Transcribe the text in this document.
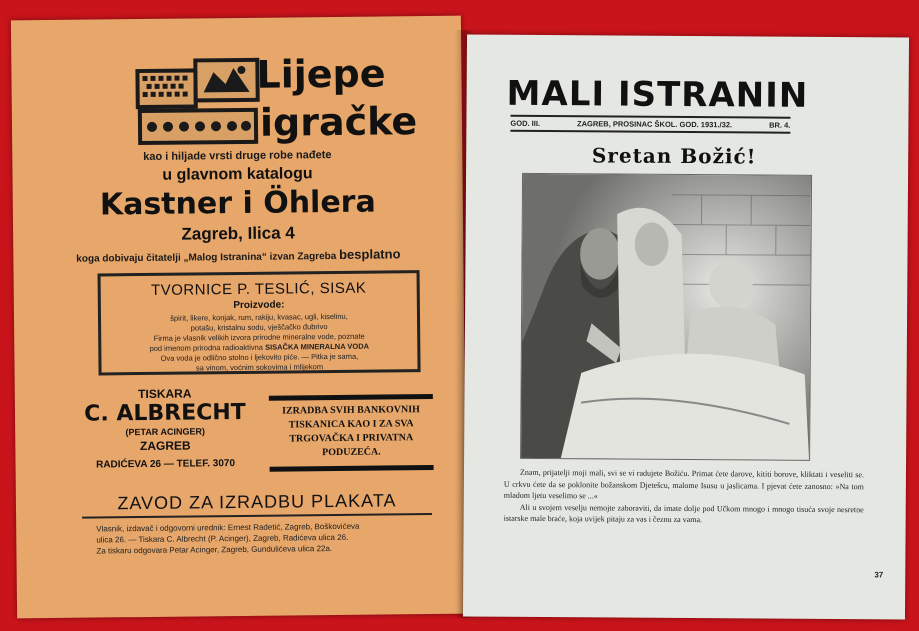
Lijepe
igračke
kao i hiljade vrsti druge robe nađete
u glavnom katalogu
Kastner i Öhlera
Zagreb, Ilica 4
koga dobivaju čitatelji „Malog Istranina“ izvan Zagreba besplatno
TVORNICE P. TESLIĆ, SISAK
Proizvode:
špirit, likere, konjak, rum, rakiju, kvasac, ugli, kiselinu,
potašu, kristalnu sodu, vješčačko đubrivo
Firma je vlasnik velikih izvora prirodne mineralne vode, poznate
pod imenom prirodna radioaktivna SISAČKA MINERALNA VODA
Ova voda je odlično stolno i ljekovito piće. — Pitka je sama,
sa vinom, voćnim sokovima i mlijekom
TISKARA
C. ALBRECHT
(PETAR ACINGER)
ZAGREB
RADIĆEVA 26 — TELEF. 3070
IZRADBA SVIH BANKOVNIH
TISKANICA KAO I ZA SVA
TRGOVAČKA I PRIVATNA
PODUZEĆA.
ZAVOD ZA IZRADBU PLAKATA
Vlasnik, izdavač i odgovorni urednik: Ernest Radetić, Zagreb, Boškovićeva
ulica 26. — Tiskara C. Albrecht (P. Acinger), Zagreb, Radićeva ulica 26.
Za tiskaru odgovara Petar Acinger, Zagreb, Gundulićeva ulica 22a.
MALI ISTRANIN
GOD. III.	ZAGREB, PROSINAC ŠKOL. GOD. 1931./32.	BR. 4.
Sretan Božić!

Znam, prijatelji moji mali, svi se vi radujete Božiću. Primat ćete darove, kititi borove, kliktati i veseliti se. U crkvu ćete da se poklonite božanskom Djetešcu, malome Isusu u jaslicama. I pjevat ćete zanosno: »Na tom mladom ljetu veselimo se ...«

Ali u svojem veselju nemojte zaboraviti, da imate dolje pod Učkom mnogo i mnogo tisuća svoje nesretne istarske male braće, koja uvijek pitaju za vas i čeznu za vama.

37
